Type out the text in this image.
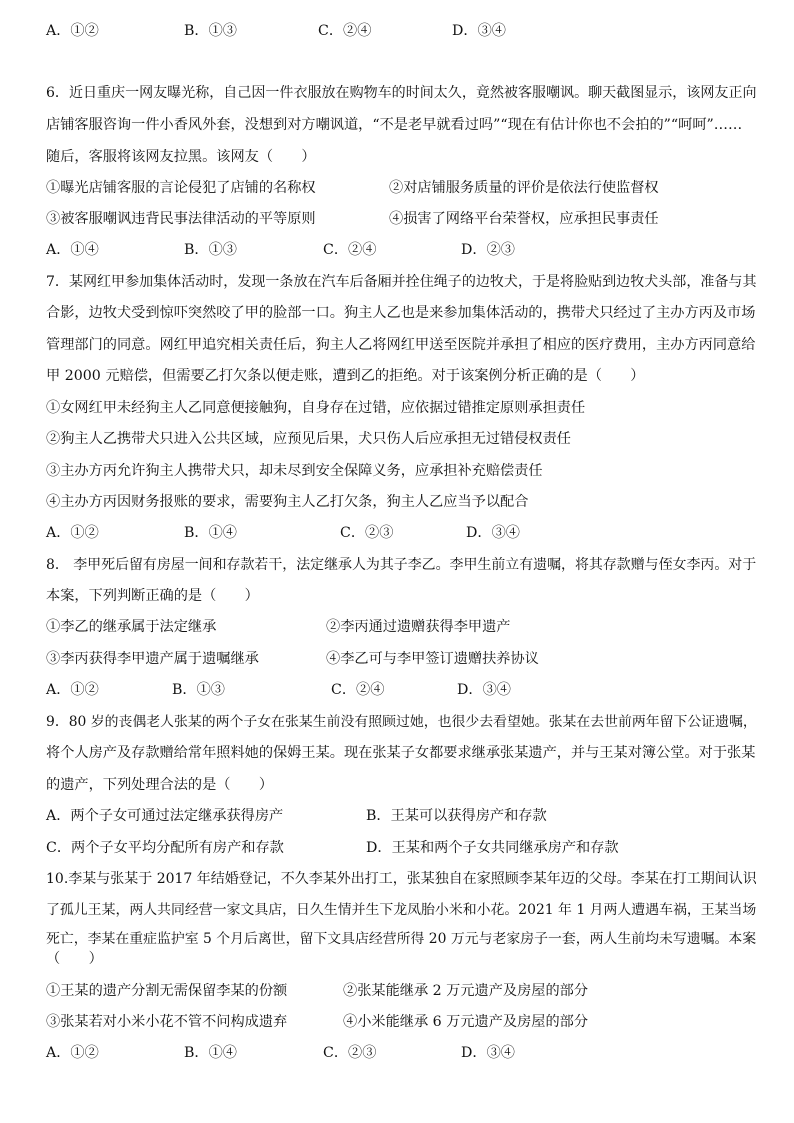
A．①②	B．①③	C．②④	D．③④
6．近日重庆一网友曝光称，自己因一件衣服放在购物车的时间太久，竟然被客服嘲讽。聊天截图显示，该网友正向
店铺客服咨询一件小香风外套，没想到对方嘲讽道，“不是老早就看过吗”“现在有估计你也不会拍的”“呵呵”……
随后，客服将该网友拉黑。该网友（　　）
①曝光店铺客服的言论侵犯了店铺的名称权	②对店铺服务质量的评价是依法行使监督权
③被客服嘲讽违背民事法律活动的平等原则	④损害了网络平台荣誉权，应承担民事责任
A．①④	B．①③	C．②④	D．②③
7．某网红甲参加集体活动时，发现一条放在汽车后备厢并拴住绳子的边牧犬，于是将脸贴到边牧犬头部，准备与其
合影，边牧犬受到惊吓突然咬了甲的脸部一口。狗主人乙也是来参加集体活动的，携带犬只经过了主办方丙及市场
管理部门的同意。网红甲追究相关责任后，狗主人乙将网红甲送至医院并承担了相应的医疗费用，主办方丙同意给
甲 2000 元赔偿，但需要乙打欠条以便走账，遭到乙的拒绝。对于该案例分析正确的是（　　）
①女网红甲未经狗主人乙同意便接触狗，自身存在过错，应依据过错推定原则承担责任
②狗主人乙携带犬只进入公共区域，应预见后果，犬只伤人后应承担无过错侵权责任
③主办方丙允许狗主人携带犬只，却未尽到安全保障义务，应承担补充赔偿责任
④主办方丙因财务报账的要求，需要狗主人乙打欠条，狗主人乙应当予以配合
A．①②	B．①④	C．②③	D．③④
8． 李甲死后留有房屋一间和存款若干，法定继承人为其子李乙。李甲生前立有遗嘱，将其存款赠与侄女李丙。对于
本案，下列判断正确的是（　　）
①李乙的继承属于法定继承	②李丙通过遗赠获得李甲遗产
③李丙获得李甲遗产属于遗嘱继承	④李乙可与李甲签订遗赠扶养协议
A．①②	B．①③	C．②④	D．③④
9．80 岁的丧偶老人张某的两个子女在张某生前没有照顾过她，也很少去看望她。张某在去世前两年留下公证遗嘱，
将个人房产及存款赠给常年照料她的保姆王某。现在张某子女都要求继承张某遗产，并与王某对簿公堂。对于张某
的遗产，下列处理合法的是（　　）
A．两个子女可通过法定继承获得房产	B．王某可以获得房产和存款
C．两个子女平均分配所有房产和存款	D．王某和两个子女共同继承房产和存款
10.李某与张某于 2017 年结婚登记，不久李某外出打工，张某独自在家照顾李某年迈的父母。李某在打工期间认识
了孤儿王某，两人共同经营一家文具店，日久生情并生下龙凤胎小米和小花。2021 年 1 月两人遭遇车祸，王某当场
死亡，李某在重症监护室 5 个月后离世，留下文具店经营所得 20 万元与老家房子一套，两人生前均未写遗嘱。本案
（　　）
①王某的遗产分割无需保留李某的份额	②张某能继承 2 万元遗产及房屋的部分
③张某若对小米小花不管不问构成遗弃	④小米能继承 6 万元遗产及房屋的部分
A．①②	B．①④	C．②③	D．③④
